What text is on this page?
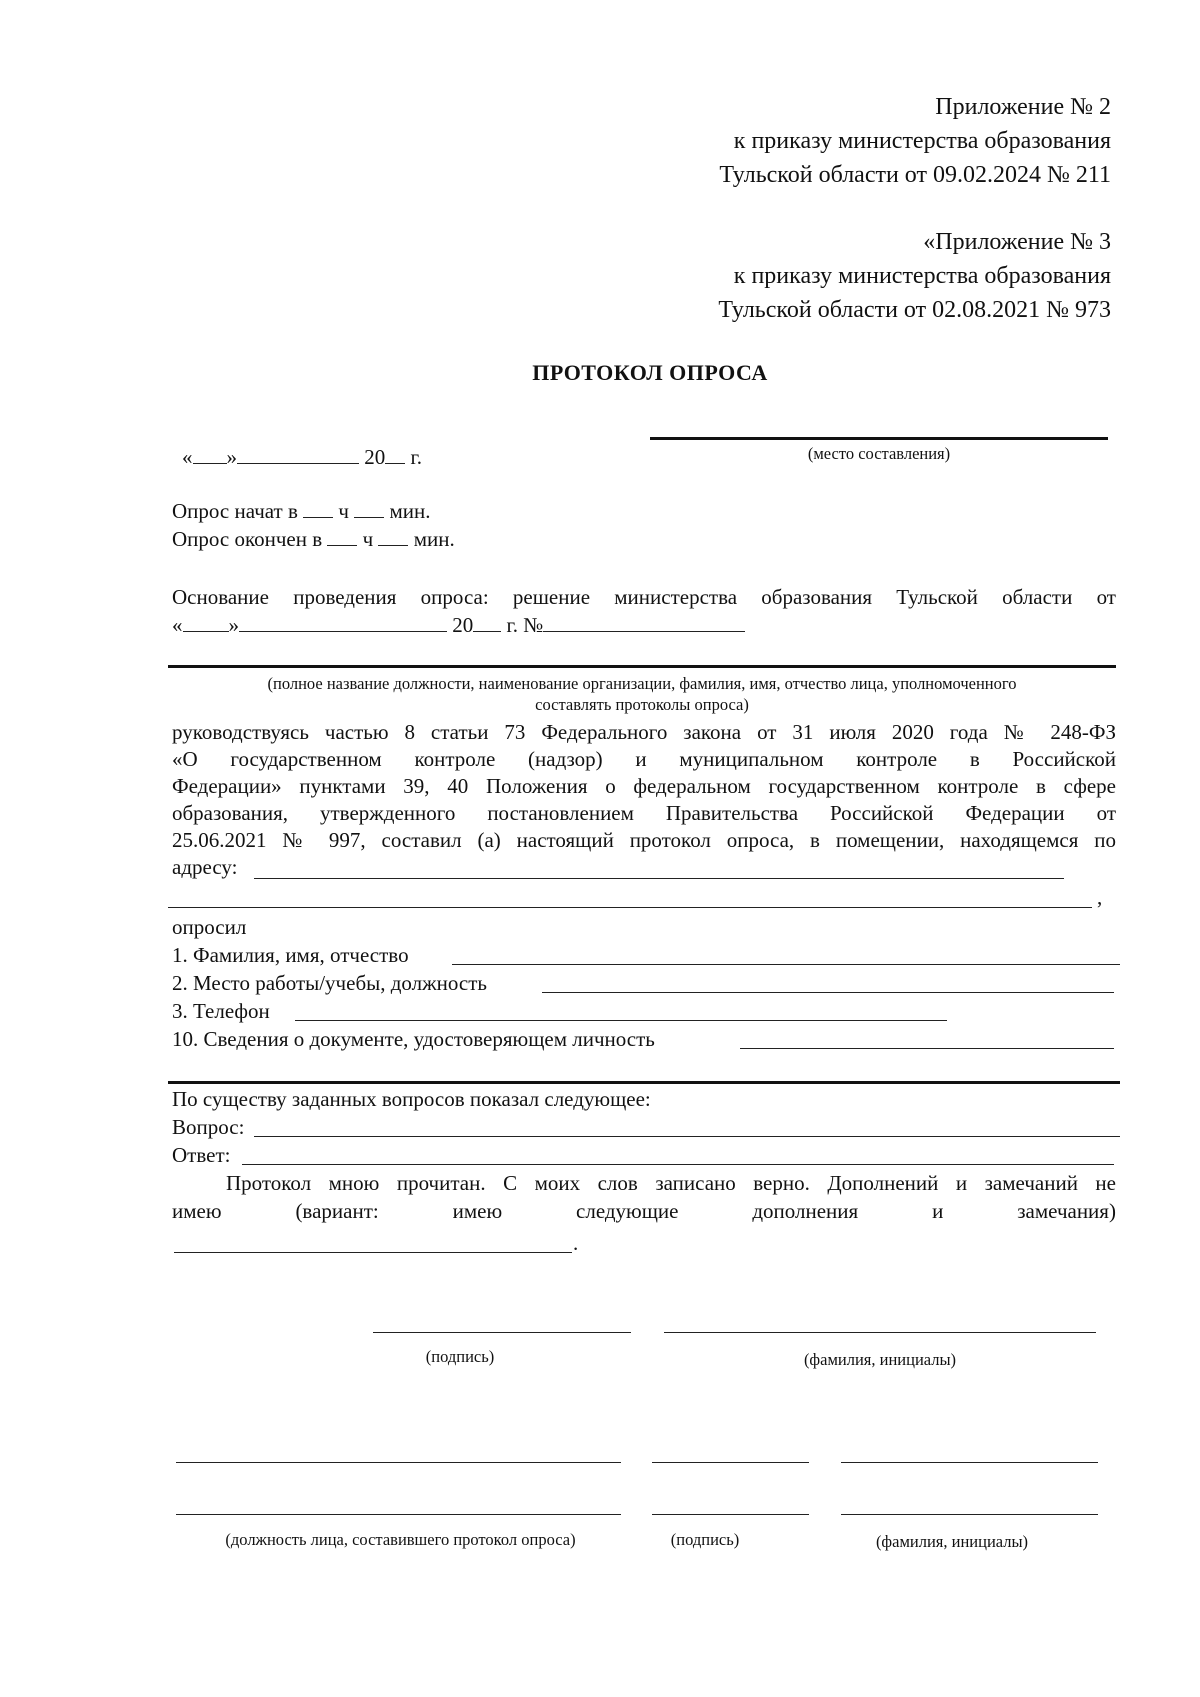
Приложение № 2
к приказу министерства образования
Тульской области от 09.02.2024 № 211
«Приложение № 3
к приказу министерства образования
Тульской области от 02.08.2021 № 973
ПРОТОКОЛ ОПРОСА
« »	20 г.	(место составления)
Опрос начат в ч мин.
Опрос окончен в ч мин.
Основание проведения опроса: решение министерства образования Тульской области от
« »	20 г. №
(полное название должности, наименование организации, фамилия, имя, отчество лица, уполномоченного
составлять протоколы опроса)
руководствуясь частью 8 статьи 73 Федерального закона от 31 июля 2020 года № 248-ФЗ
«О государственном контроле (надзор) и муниципальном контроле в Российской
Федерации» пунктами 39, 40 Положения о федеральном государственном контроле в сфере
образования, утвержденного постановлением Правительства Российской Федерации от
25.06.2021 № 997, составил (а) настоящий протокол опроса, в помещении, находящемся по
адресу:
,
опросил
1. Фамилия, имя, отчество
2. Место работы/учебы, должность
3. Телефон
10. Сведения о документе, удостоверяющем личность
По существу заданных вопросов показал следующее:
Вопрос:
Ответ:
Протокол мною прочитан. С моих слов записано верно. Дополнений и замечаний не
имею	(вариант:	имею	следующие	дополнения	и	замечания)
.
(подпись)	(фамилия, инициалы)
(должность лица, составившего протокол опроса)	(подпись)	(фамилия, инициалы)
